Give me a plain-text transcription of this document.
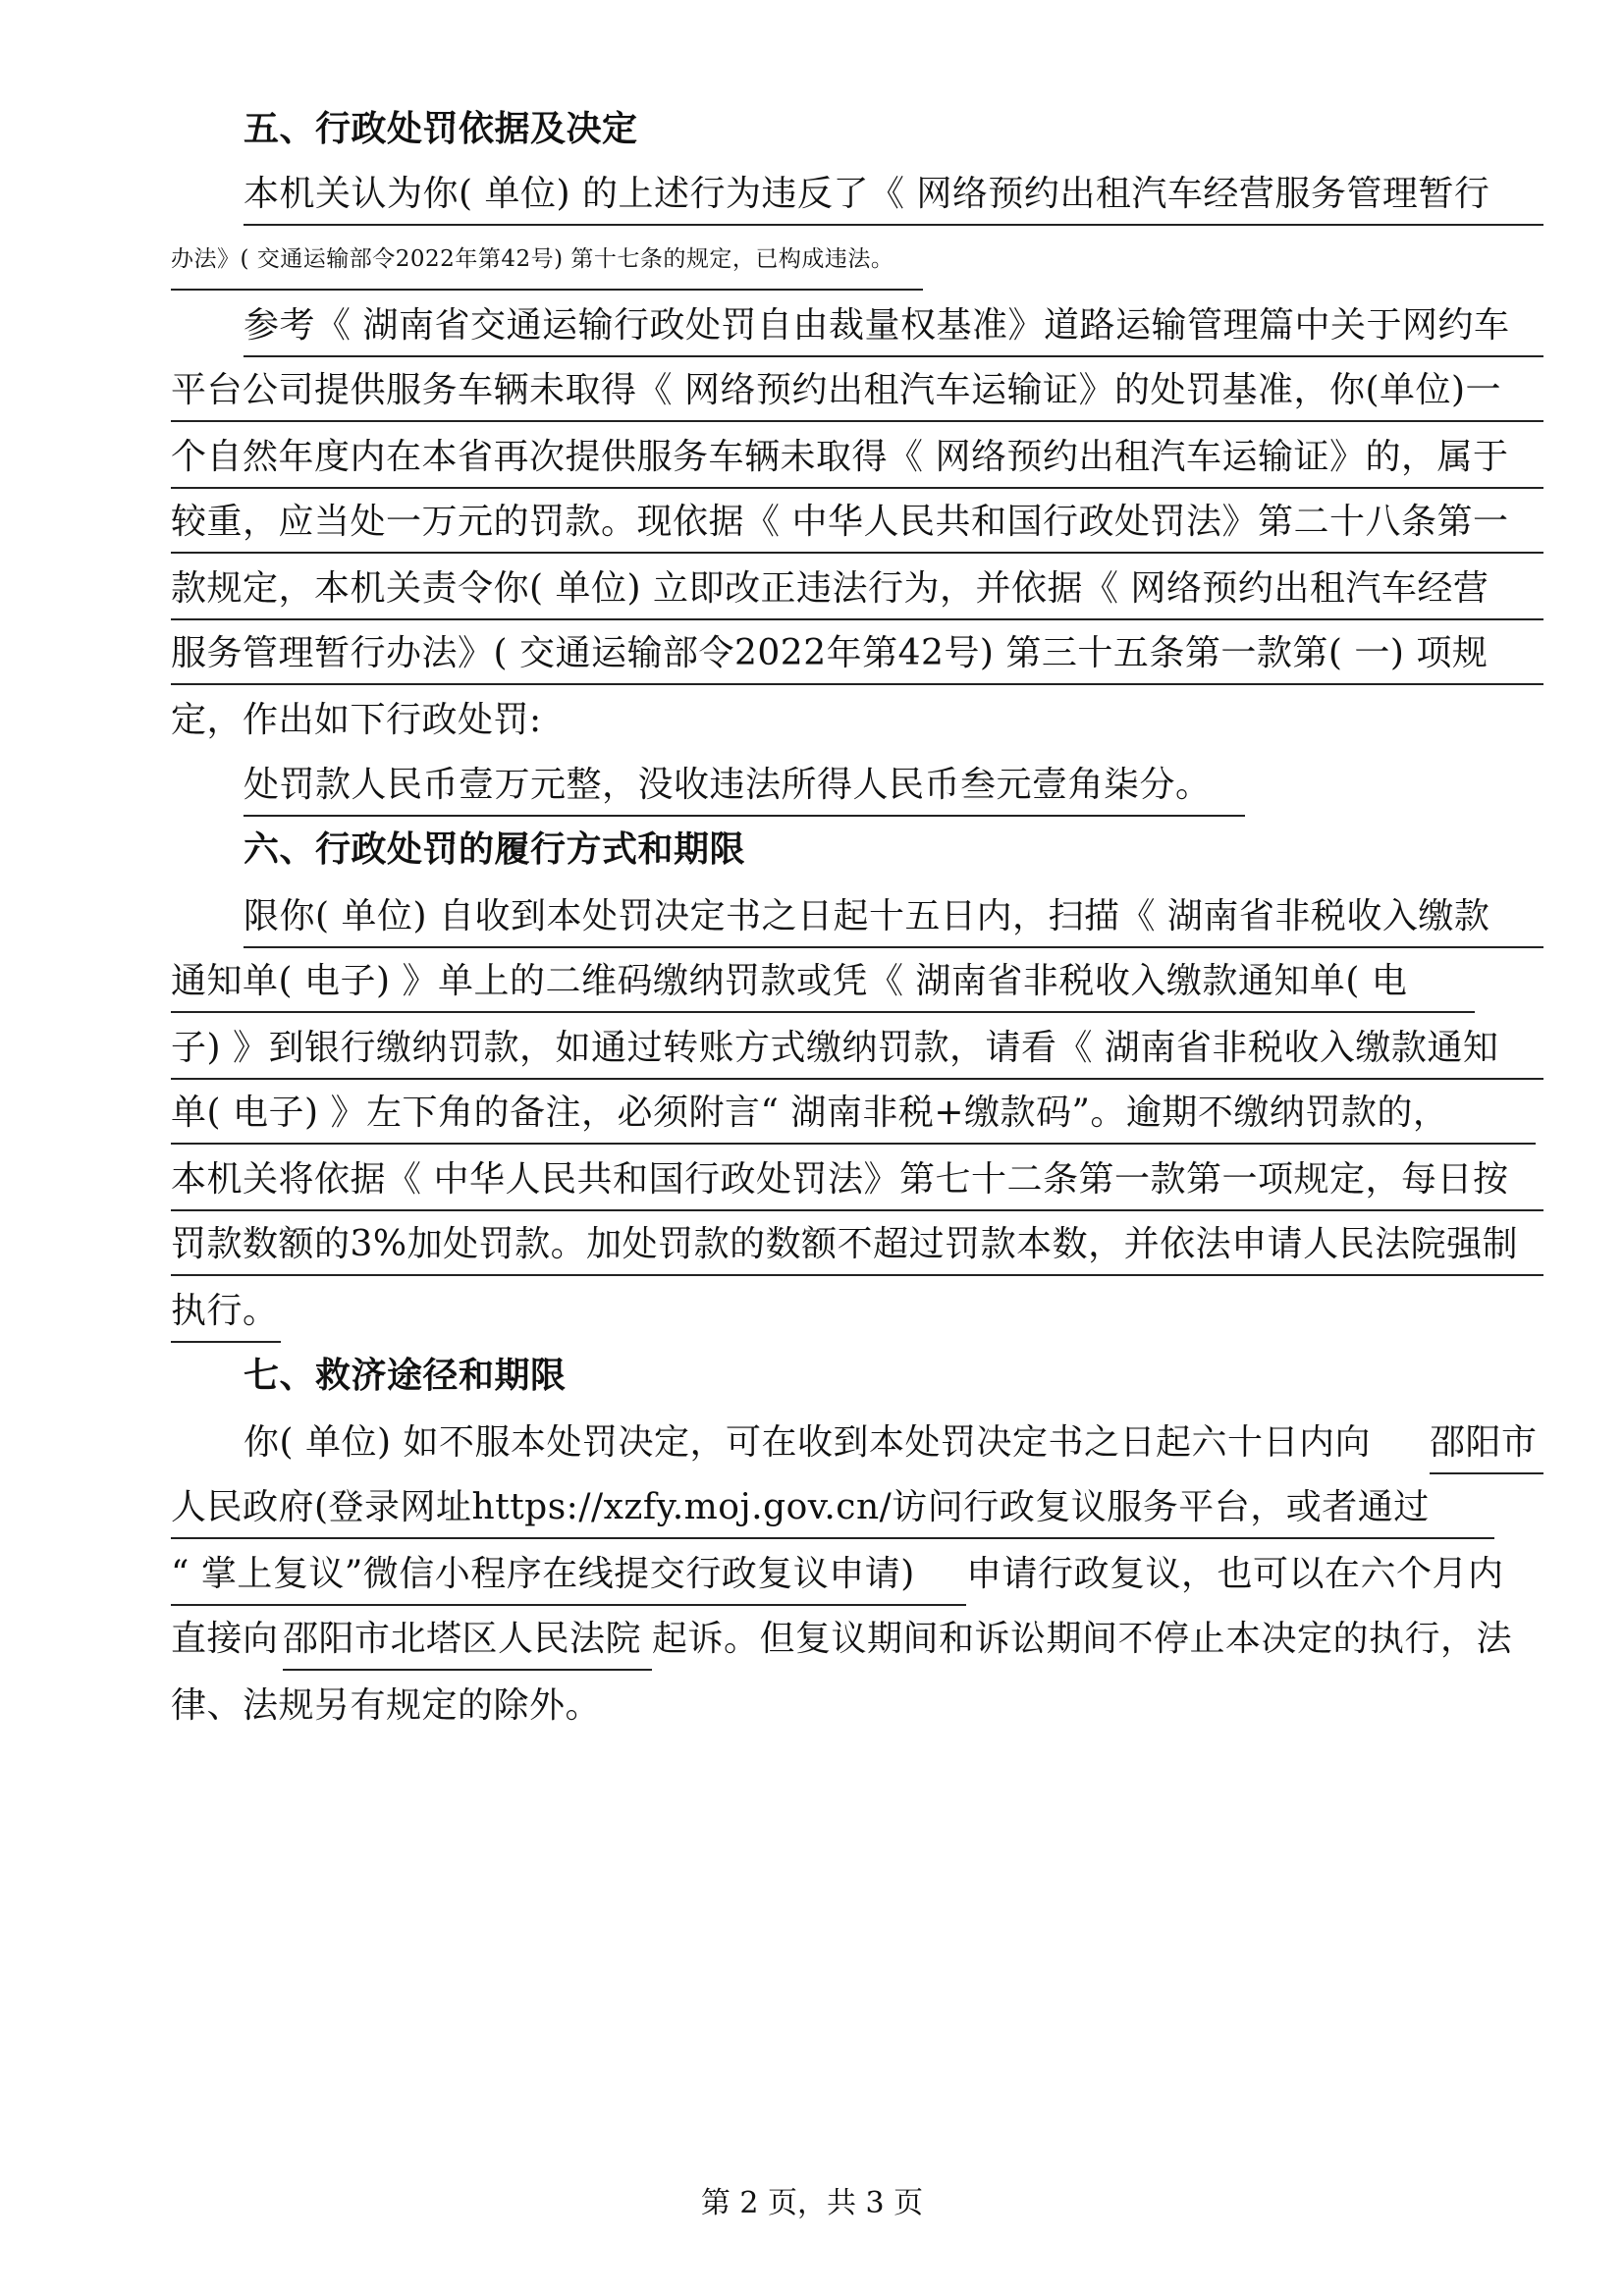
五、行政处罚依据及决定
本机关认为你( 单位) 的上述行为违反了《 网络预约出租汽车经营服务管理暂行
办法》( 交通运输部令2022年第42号) 第十七条的规定，已构成违法。
参考《 湖南省交通运输行政处罚自由裁量权基准》道路运输管理篇中关于网约车
平台公司提供服务车辆未取得《 网络预约出租汽车运输证》的处罚基准，你(单位)一
个自然年度内在本省再次提供服务车辆未取得《 网络预约出租汽车运输证》的，属于
较重，应当处一万元的罚款。现依据《 中华人民共和国行政处罚法》第二十八条第一
款规定，本机关责令你( 单位) 立即改正违法行为，并依据《 网络预约出租汽车经营
服务管理暂行办法》( 交通运输部令2022年第42号) 第三十五条第一款第( 一) 项规
定，作出如下行政处罚:
处罚款人民币壹万元整，没收违法所得人民币叁元壹角柒分。
六、行政处罚的履行方式和期限
限你( 单位) 自收到本处罚决定书之日起十五日内，扫描《 湖南省非税收入缴款
通知单( 电子) 》单上的二维码缴纳罚款或凭《 湖南省非税收入缴款通知单( 电
子) 》到银行缴纳罚款，如通过转账方式缴纳罚款，请看《 湖南省非税收入缴款通知
单( 电子) 》左下角的备注，必须附言“ 湖南非税+缴款码”。逾期不缴纳罚款的，
本机关将依据《 中华人民共和国行政处罚法》第七十二条第一款第一项规定，每日按
罚款数额的3%加处罚款。加处罚款的数额不超过罚款本数，并依法申请人民法院强制
执行。
七、救济途径和期限
你( 单位) 如不服本处罚决定，可在收到本处罚决定书之日起六十日内向 邵阳市
人民政府(登录网址https://xzfy.moj.gov.cn/访问行政复议服务平台，或者通过
“ 掌上复议”微信小程序在线提交行政复议申请)	申请行政复议，也可以在六个月内
直接向 邵阳市北塔区人民法院 起诉。但复议期间和诉讼期间不停止本决定的执行，法
律、法规另有规定的除外。
第 2 页，共 3 页
